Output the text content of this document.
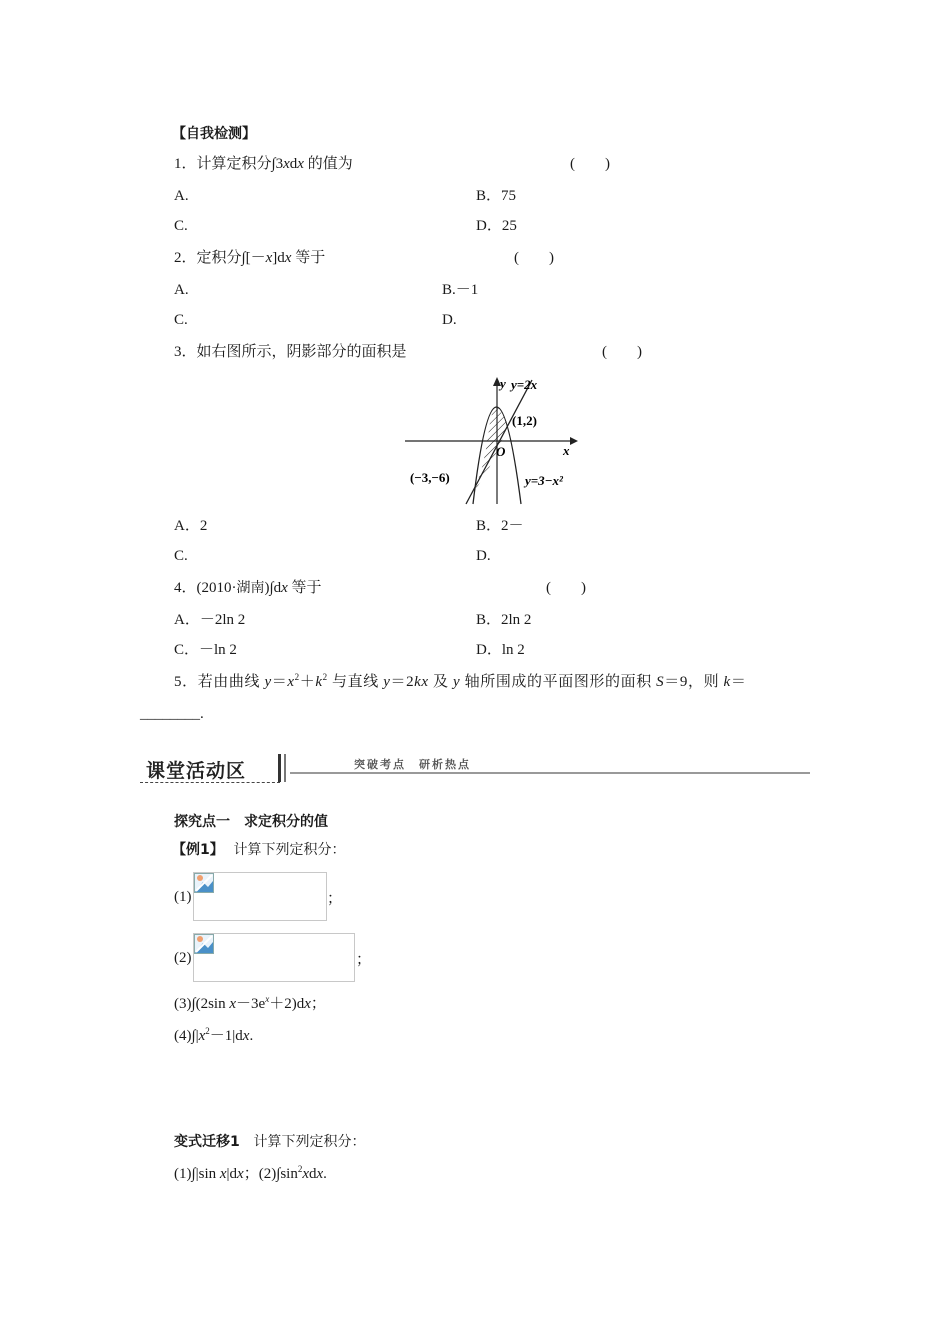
【自我检测】
1．计算定积分∫3xdx 的值为	(　　)
A.	B．75
C.	D．25
2．定积分∫[－x]dx 等于	(　　)
A.	B.－1
C.	D.
3．如右图所示，阴影部分的面积是	(　　)
y y=2x
(1,2)
O	x
(−3,−6)	y=3−x²
A．2	B．2－
C.	D.
4．(2010·湖南)∫dx 等于	(　　)
A．－2ln 2	B．2ln 2
C．－ln 2	D．ln 2
5．若由曲线 $y=x^2+k^2$ 与直线 y＝2kx 及 y 轴所围成的平面图形的面积 S＝9，则 k＝
________.
课堂活动区	突破考点　研析热点
探究点一　求定积分的值
【例1】 计算下列定积分：
(1)	；
(2)	；
(3)∫(2sin $x-3e^x+2)dx$；
$(4)\int|x^2-1|dx$.
变式迁移1 计算下列定积分：
(1)∫|sin x|dx；$(2)\int\sin^2xdx$.
